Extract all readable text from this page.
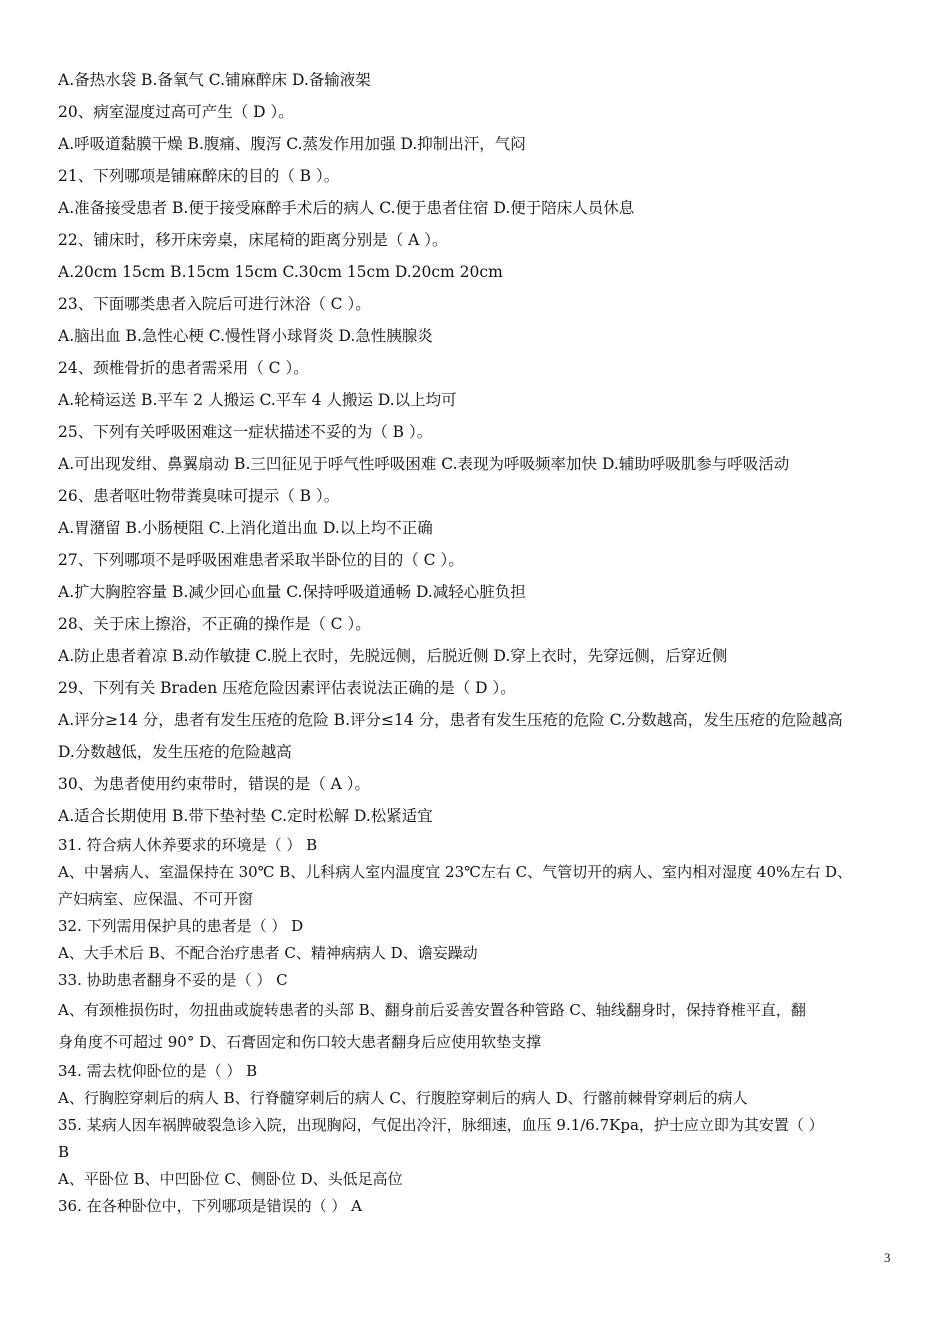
A.备热水袋 B.备氧气 C.铺麻醉床 D.备输液架
20、病室湿度过高可产生（ D ）。
A.呼吸道黏膜干燥 B.腹痛、腹泻 C.蒸发作用加强 D.抑制出汗，气闷
21、下列哪项是铺麻醉床的目的（ B ）。
A.准备接受患者 B.便于接受麻醉手术后的病人 C.便于患者住宿 D.便于陪床人员休息
22、铺床时，移开床旁桌，床尾椅的距离分别是（ A ）。
A.20cm 15cm B.15cm 15cm C.30cm 15cm D.20cm 20cm
23、下面哪类患者入院后可进行沐浴（ C ）。
A.脑出血 B.急性心梗 C.慢性肾小球肾炎 D.急性胰腺炎
24、颈椎骨折的患者需采用（ C ）。
A.轮椅运送 B.平车 2 人搬运 C.平车 4 人搬运 D.以上均可
25、下列有关呼吸困难这一症状描述不妥的为（ B ）。
A.可出现发绀、鼻翼扇动 B.三凹征见于呼气性呼吸困难 C.表现为呼吸频率加快 D.辅助呼吸肌参与呼吸活动
26、患者呕吐物带粪臭味可提示（ B ）。
A.胃潴留 B.小肠梗阻 C.上消化道出血 D.以上均不正确
27、下列哪项不是呼吸困难患者采取半卧位的目的（ C ）。
A.扩大胸腔容量 B.减少回心血量 C.保持呼吸道通畅 D.减轻心脏负担
28、关于床上擦浴，不正确的操作是（ C ）。
A.防止患者着凉 B.动作敏捷 C.脱上衣时，先脱远侧，后脱近侧 D.穿上衣时，先穿远侧，后穿近侧
29、下列有关 Braden 压疮危险因素评估表说法正确的是（ D ）。
A.评分≥14 分，患者有发生压疮的危险 B.评分≤14 分，患者有发生压疮的危险 C.分数越高，发生压疮的危险越高
D.分数越低，发生压疮的危险越高
30、为患者使用约束带时，错误的是（ A ）。
A.适合长期使用 B.带下垫衬垫 C.定时松解 D.松紧适宜
31. 符合病人休养要求的环境是（ ） B
A、中暑病人、室温保持在 30℃ B、儿科病人室内温度宜 23℃左右 C、气管切开的病人、室内相对湿度 40%左右 D、
产妇病室、应保温、不可开窗
32. 下列需用保护具的患者是（ ） D
A、大手术后 B、不配合治疗患者 C、精神病病人 D、谵妄躁动
33. 协助患者翻身不妥的是（ ） C
A、有颈椎损伤时，勿扭曲或旋转患者的头部 B、翻身前后妥善安置各种管路 C、轴线翻身时，保持脊椎平直，翻
身角度不可超过 90° D、石膏固定和伤口较大患者翻身后应使用软垫支撑
34. 需去枕仰卧位的是（ ） B
A、行胸腔穿刺后的病人 B、行脊髓穿刺后的病人 C、行腹腔穿刺后的病人 D、行髂前棘骨穿刺后的病人
35. 某病人因车祸脾破裂急诊入院，出现胸闷，气促出冷汗，脉细速，血压 9.1/6.7Kpa，护士应立即为其安置（ ）
B
A、平卧位 B、中凹卧位 C、侧卧位 D、头低足高位
36. 在各种卧位中，下列哪项是错误的（ ） A
3
